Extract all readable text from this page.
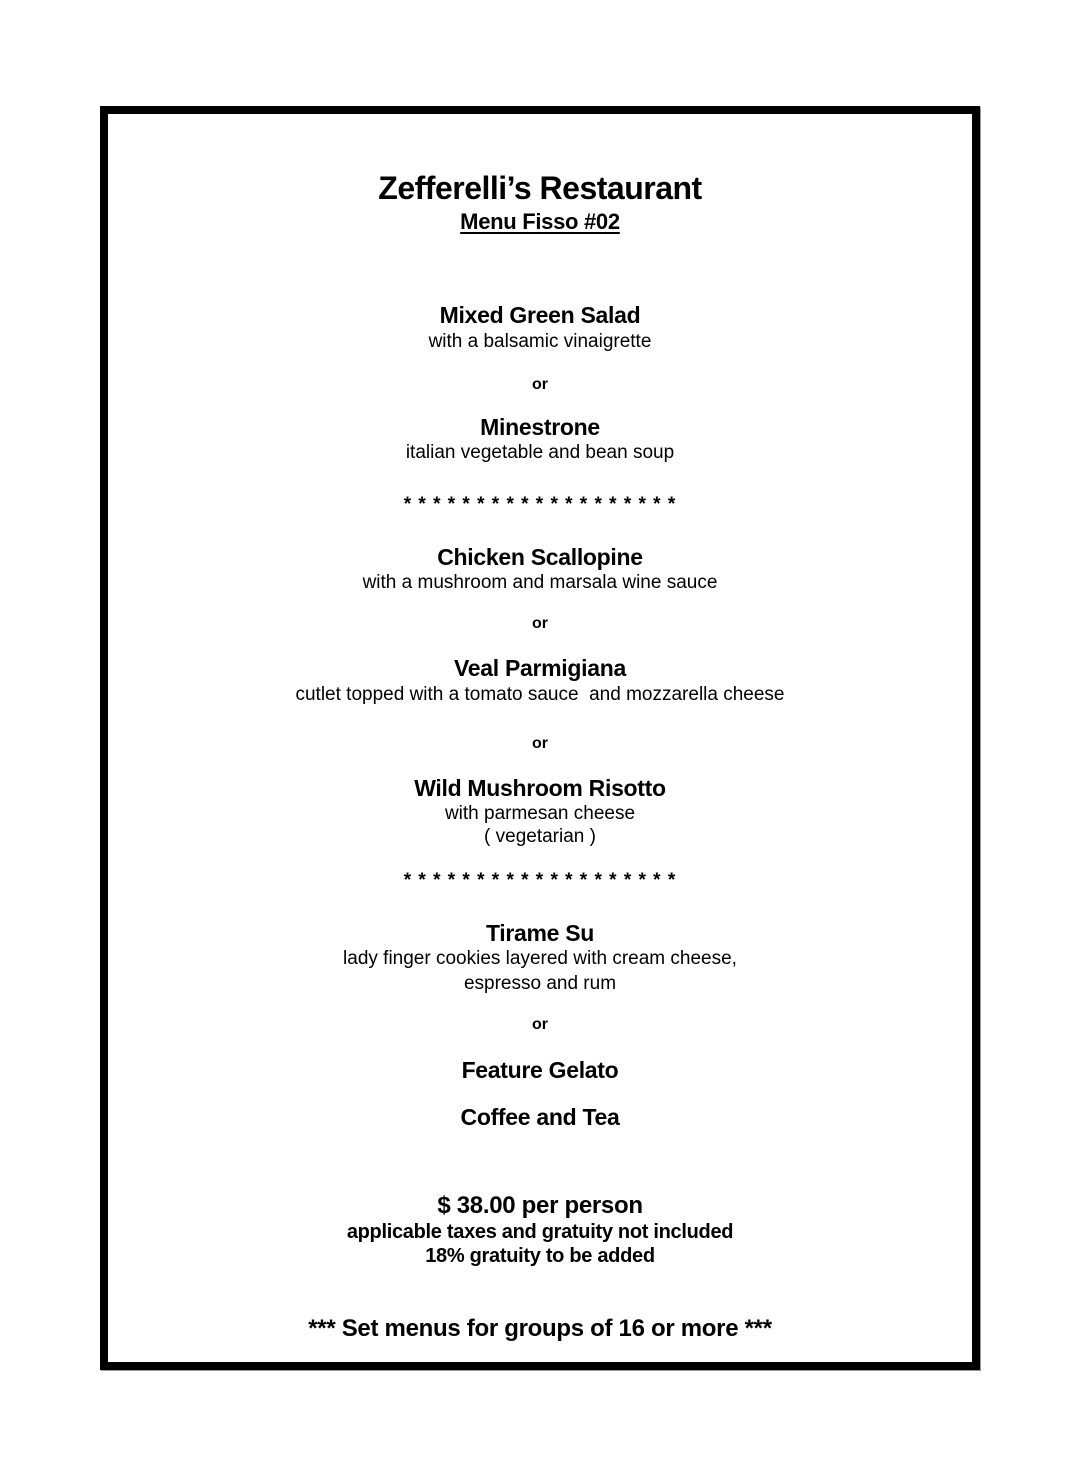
Zefferelli’s Restaurant
Menu Fisso #02
Mixed Green Salad
with a balsamic vinaigrette
or
Minestrone
italian vegetable and bean soup
* * * * * * * * * * * * * * * * * * *
Chicken Scallopine
with a mushroom and marsala wine sauce
or
Veal Parmigiana
cutlet topped with a tomato sauce  and mozzarella cheese
or
Wild Mushroom Risotto
with parmesan cheese
( vegetarian )
* * * * * * * * * * * * * * * * * * *
Tirame Su
lady finger cookies layered with cream cheese,
espresso and rum
or
Feature Gelato
Coffee and Tea
$ 38.00 per person
applicable taxes and gratuity not included
18% gratuity to be added
*** Set menus for groups of 16 or more ***
